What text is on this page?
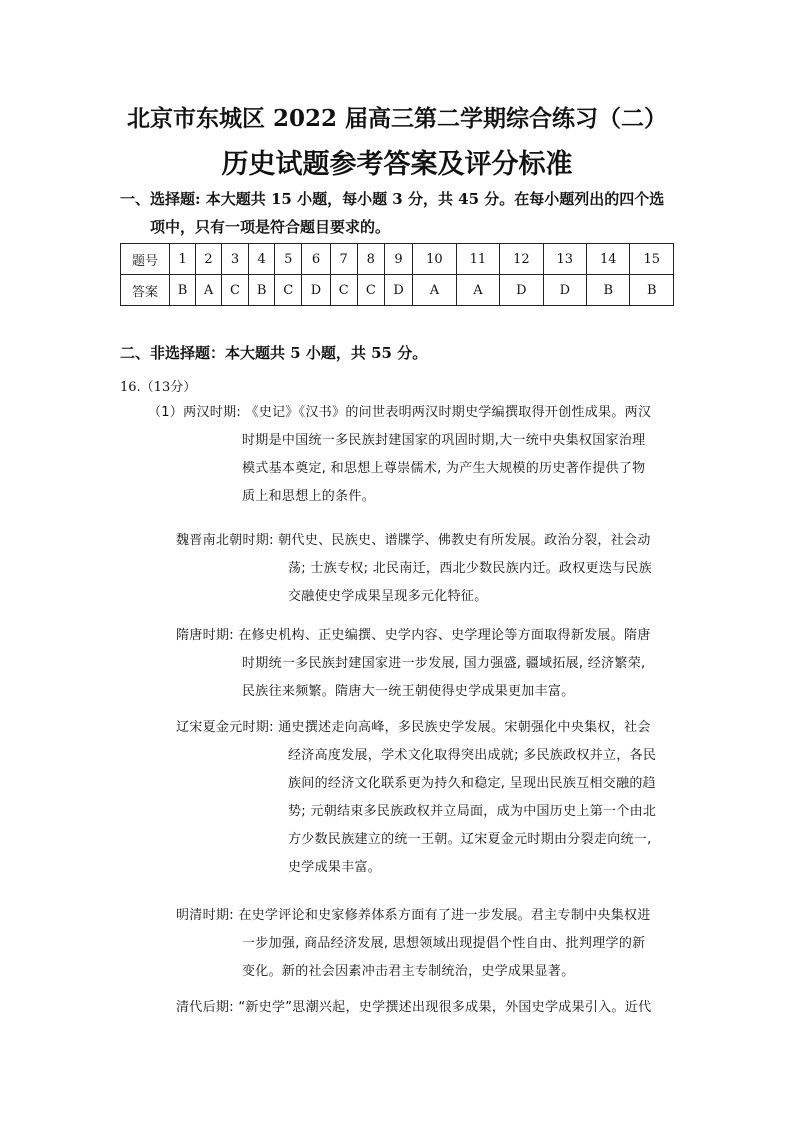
北京市东城区 2022 届高三第二学期综合练习（二）
历史试题参考答案及评分标准
一、选择题: 本大题共 15 小题，每小题 3 分，共 45 分。在每小题列出的四个选
项中，只有一项是符合题目要求的。
题号	1	2	3	4	5	6	7	8	9	10	11	12	13	14	15
答案	B	A	C	B	C	D	C	C	D	A	A	D	D	B	B
二、非选择题：本大题共 5 小题，共 55 分。
16.（13分）
（1）两汉时期: 《史记》《汉书》的问世表明两汉时期史学编撰取得开创性成果。两汉
时期是中国统一多民族封建国家的巩固时期,大一统中央集权国家治理
模式基本奠定, 和思想上尊崇儒术, 为产生大规模的历史著作提供了物
质上和思想上的条件。
魏晋南北朝时期: 朝代史、民族史、谱牒学、佛教史有所发展。政治分裂，社会动
荡; 士族专权; 北民南迁，西北少数民族内迁。政权更迭与民族
交融使史学成果呈现多元化特征。
隋唐时期: 在修史机构、正史编撰、史学内容、史学理论等方面取得新发展。隋唐
时期统一多民族封建国家进一步发展, 国力强盛, 疆域拓展, 经济繁荣,
民族往来频繁。隋唐大一统王朝使得史学成果更加丰富。
辽宋夏金元时期: 通史撰述走向高峰，多民族史学发展。宋朝强化中央集权，社会
经济高度发展，学术文化取得突出成就; 多民族政权并立，各民
族间的经济文化联系更为持久和稳定, 呈现出民族互相交融的趋
势; 元朝结束多民族政权并立局面，成为中国历史上第一个由北
方少数民族建立的统一王朝。辽宋夏金元时期由分裂走向统一,
史学成果丰富。
明清时期: 在史学评论和史家修养体系方面有了进一步发展。君主专制中央集权进
一步加强, 商品经济发展, 思想领域出现提倡个性自由、批判理学的新
变化。新的社会因素冲击君主专制统治，史学成果显著。
清代后期: “新史学”思潮兴起，史学撰述出现很多成果，外国史学成果引入。近代
